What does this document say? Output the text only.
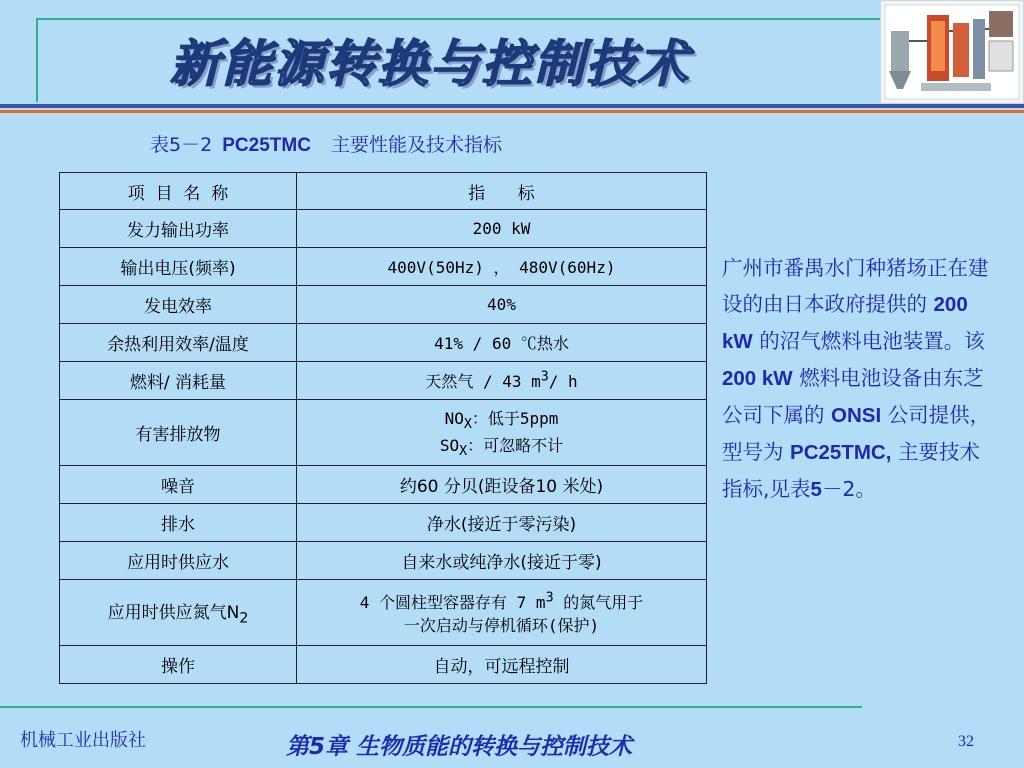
新能源转换与控制技术
表5－2 PC25TMC 主要性能及技术指标
项  目  名  称	指      标
发力输出功率	200 kW
输出电压(频率)	400V(50Hz) ， 480V(60Hz)
发电效率	40%
余热利用效率/温度	41% / 60 ℃热水
燃料/ 消耗量	天然气 / 43 $m^3/$ h
有害排放物	$NO_X$：低于5ppm
$SO_X$：可忽略不计

噪音	约60 分贝(距设备10 米处)
排水	净水(接近于零污染)
应用时供应水	自来水或纯净水(接近于零)
应用时供应氮气$N_2$	4 个圆柱型容器存有 7 $m^3$ 的氮气用于
一次启动与停机循环(保护)

操作	自动，可远程控制
广州市番禺水门种猪场正在建设的由日本政府提供的 200 kW 的沼气燃料电池装置。该200 kW 燃料电池设备由东芝公司下属的 ONSI 公司提供，型号为 PC25TMC, 主要技术指标,见表5－2。
机械工业出版社	第5章 生物质能的转换与控制技术	32
